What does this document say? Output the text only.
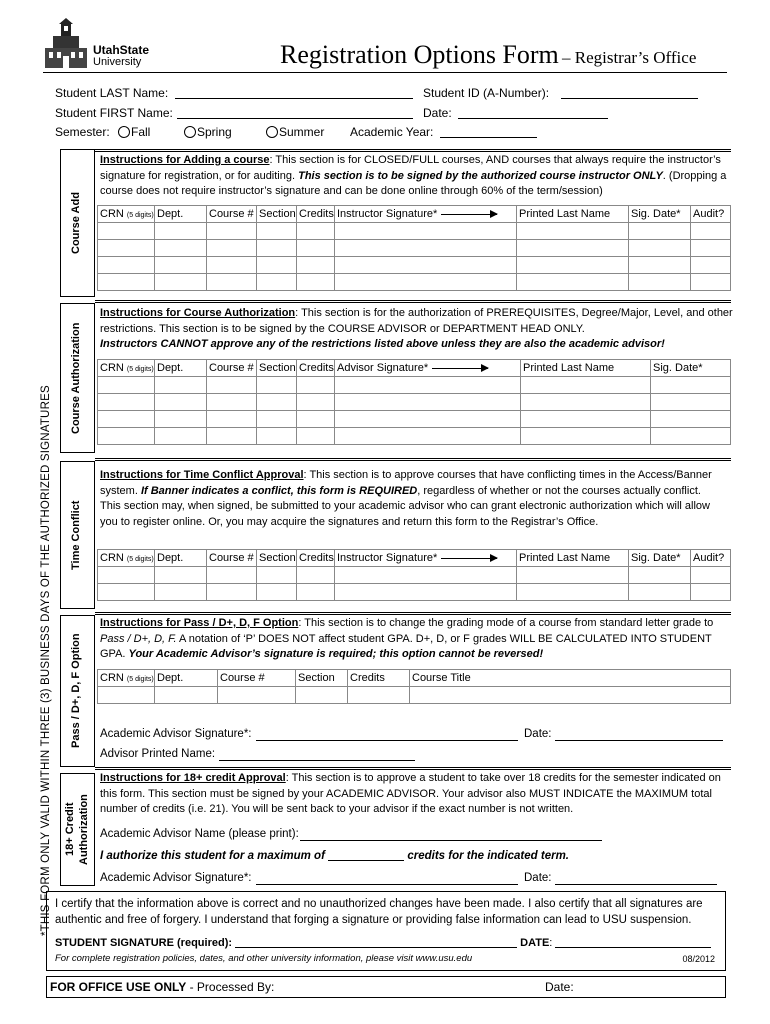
UtahState
University	Registration Options Form – Registrar’s Office
Student LAST Name:	Student ID (A-Number):
Student FIRST Name:	Date:
Semester:	Fall	Spring	Summer Academic Year:
*THIS FORM ONLY VALID WITHIN THREE (3) BUSINESS DAYS OF THE AUTHORIZED SIGNATURES
Course Add
Instructions for Adding a course: This section is for CLOSED/FULL courses, AND courses that always require the instructor’s signature for registration, or for auditing. This section is to be signed by the authorized course instructor ONLY. (Dropping a course does not require instructor’s signature and can be done online through 60% of the term/session)
CRN (5 digits)	Dept.	Course #	Section	Credits	Instructor Signature*	Printed Last Name	Sig. Date*	Audit?

Course Authorization
Instructions for Course Authorization: This section is for the authorization of PREREQUISITES, Degree/Major, Level, and other restrictions. This section is to be signed by the COURSE ADVISOR or DEPARTMENT HEAD ONLY.
Instructors CANNOT approve any of the restrictions listed above unless they are also the academic advisor!
CRN (5 digits)	Dept.	Course #	Section	Credits	Advisor Signature*	Printed Last Name	Sig. Date*

Time Conflict
Instructions for Time Conflict Approval: This section is to approve courses that have conflicting times in the Access/Banner system. If Banner indicates a conflict, this form is REQUIRED, regardless of whether or not the courses actually conflict. This section may, when signed, be submitted to your academic advisor who can grant electronic authorization which will allow you to register online. Or, you may acquire the signatures and return this form to the Registrar’s Office.
CRN (5 digits)	Dept.	Course #	Section	Credits	Instructor Signature*	Printed Last Name	Sig. Date*	Audit?

Pass / D+, D, F Option
Instructions for Pass / D+, D, F Option: This section is to change the grading mode of a course from standard letter grade to Pass / D+, D, F. A notation of ‘P’ DOES NOT affect student GPA. D+, D, or F grades WILL BE CALCULATED INTO STUDENT GPA. Your Academic Advisor’s signature is required; this option cannot be reversed!
CRN (5 digits)	Dept.	Course #	Section	Credits	Course Title

Academic Advisor Signature*:	Date:
Advisor Printed Name:
18+ Credit Authorization
Instructions for 18+ credit Approval: This section is to approve a student to take over 18 credits for the semester indicated on this form. This section must be signed by your ACADEMIC ADVISOR. Your advisor also MUST INDICATE the MAXIMUM total number of credits (i.e. 21). You will be sent back to your advisor if the exact number is not written.
Academic Advisor Name (please print):
I authorize this student for a maximum of	credits for the indicated term.
Academic Advisor Signature*:	Date:
I certify that the information above is correct and no unauthorized changes have been made. I also certify that all signatures are authentic and free of forgery. I understand that forging a signature or providing false information can lead to USU suspension.
STUDENT SIGNATURE (required):	DATE:
For complete registration policies, dates, and other university information, please visit www.usu.edu	08/2012
FOR OFFICE USE ONLY - Processed By:	Date:
